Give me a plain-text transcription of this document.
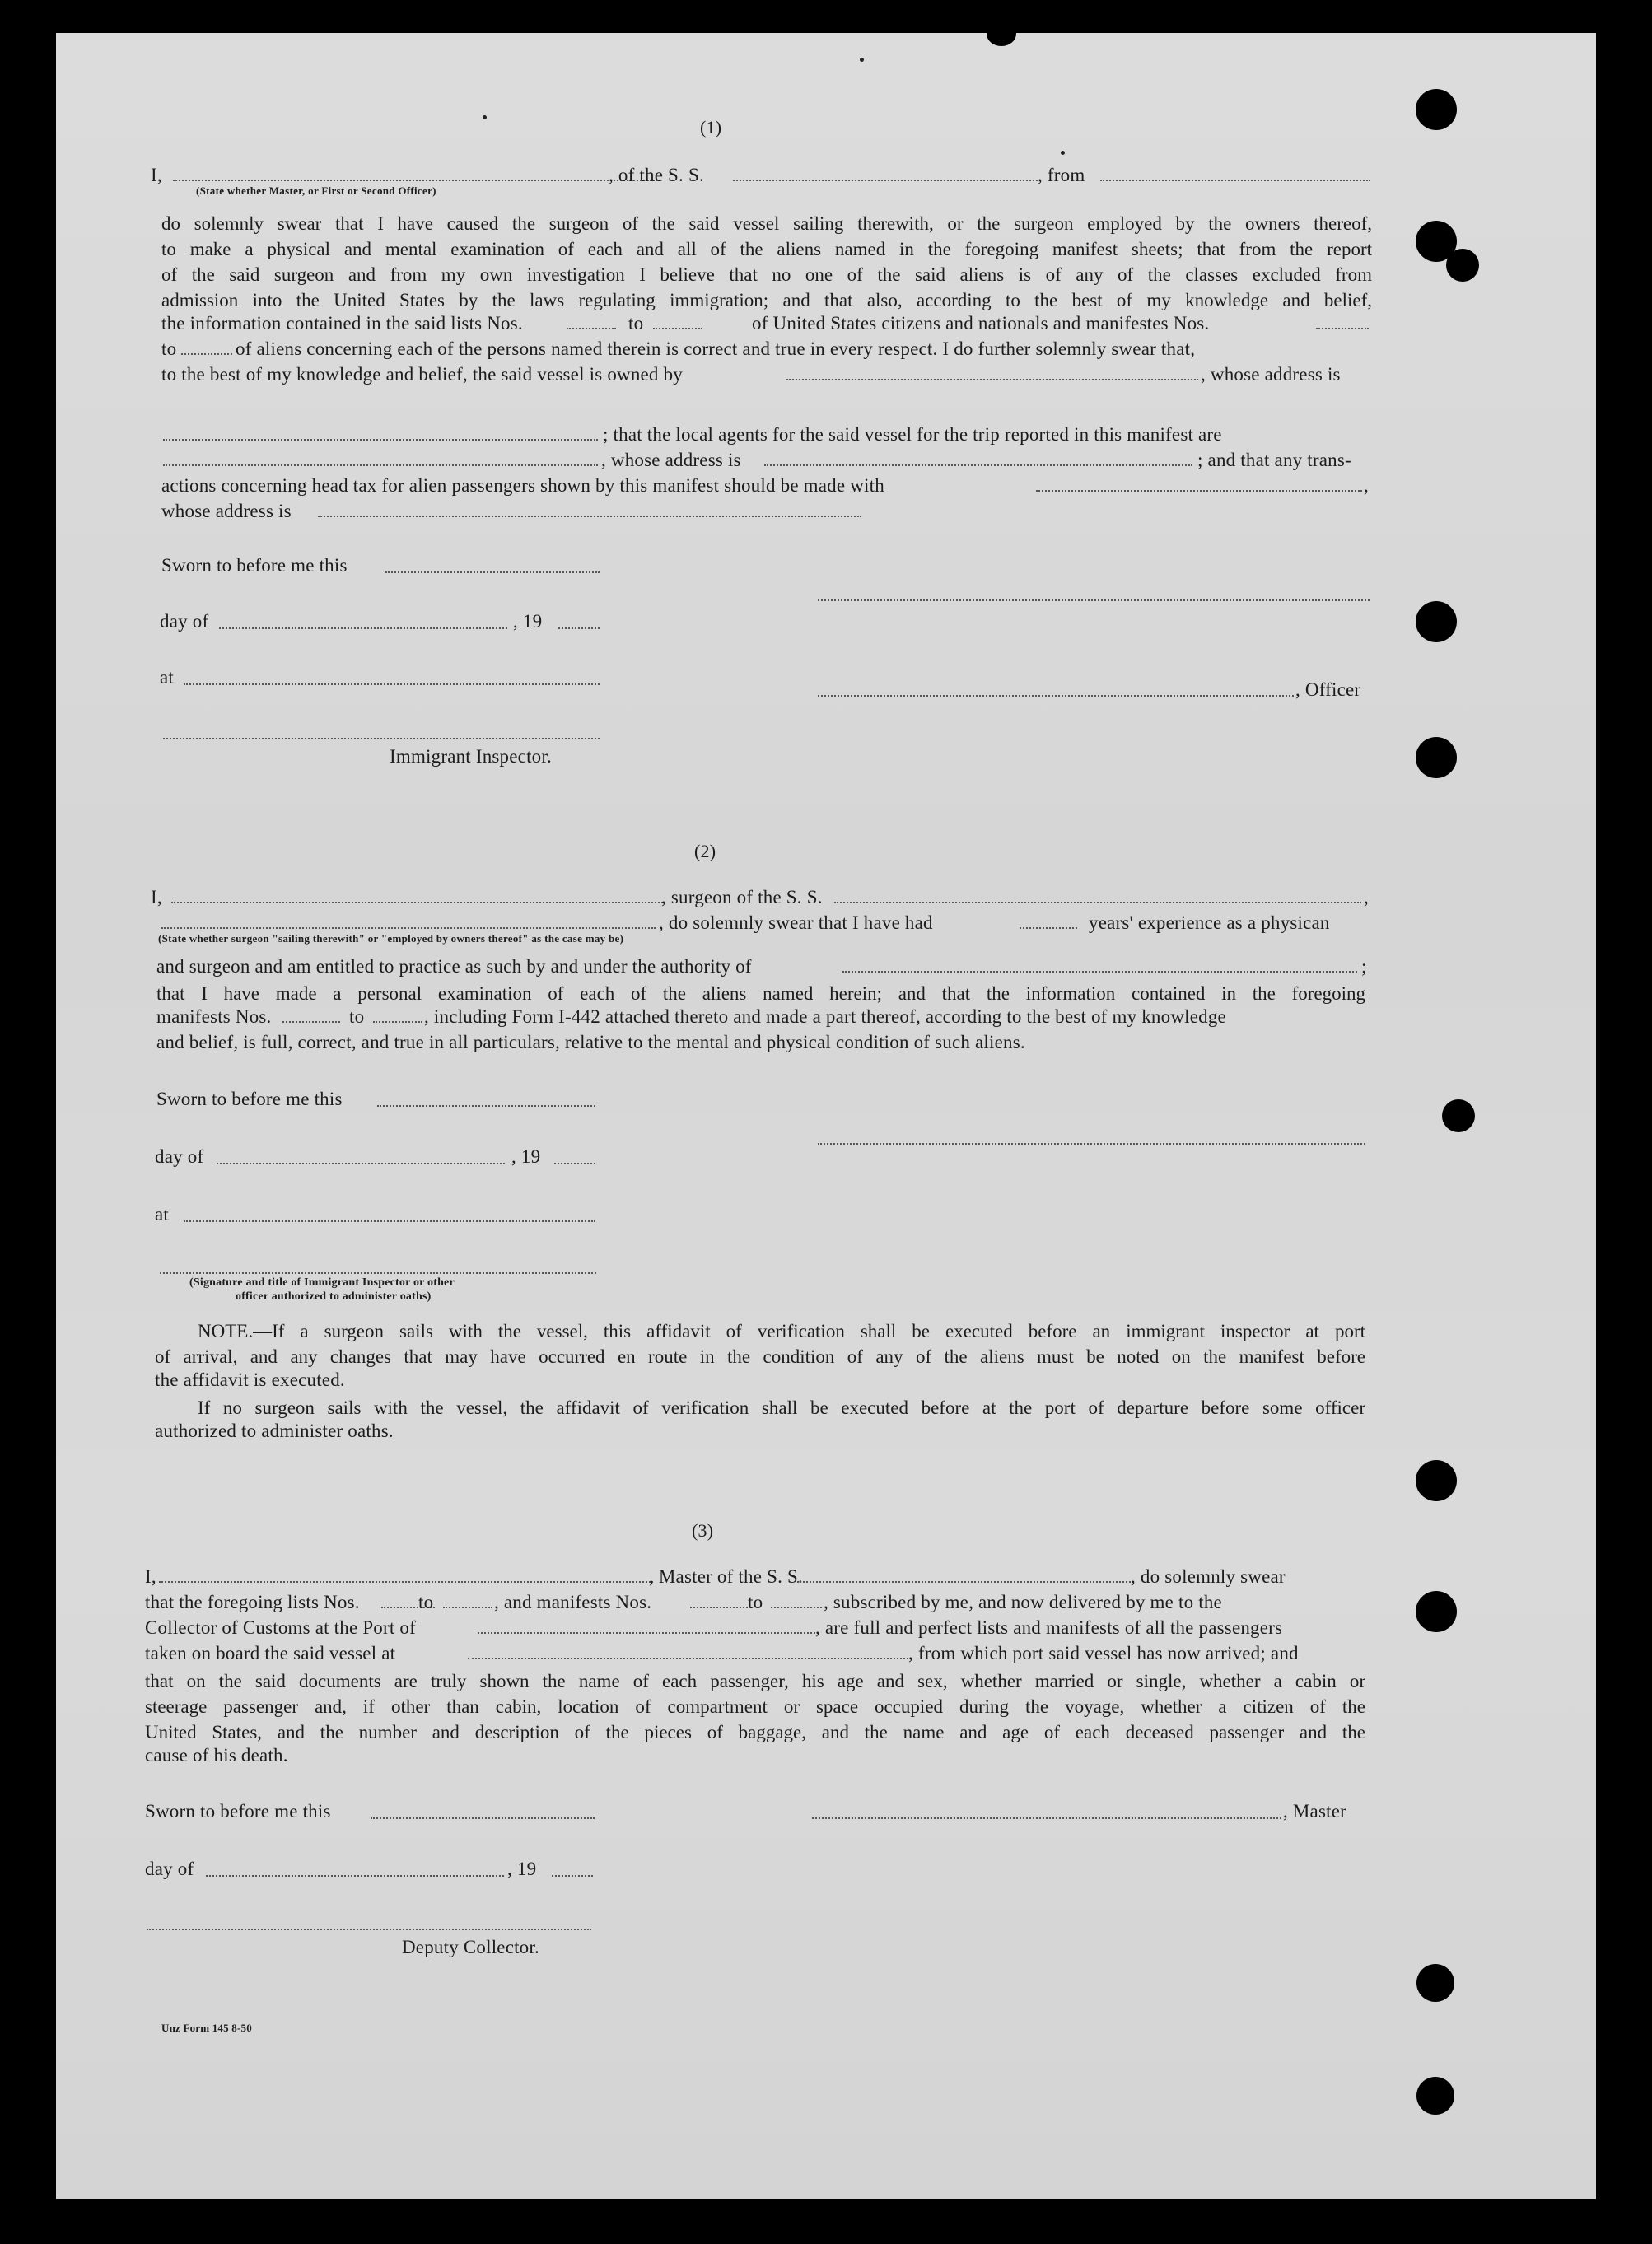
(1)
I,
(State whether Master, or First or Second Officer)
, of the S. S.	, from
do solemnly swear that I have caused the surgeon of the said vessel sailing therewith, or the surgeon employed by the owners thereof,
to make a physical and mental examination of each and all of the aliens named in the foregoing manifest sheets; that from the report
of the said surgeon and from my own investigation I believe that no one of the said aliens is of any of the classes excluded from
admission into the United States by the laws regulating immigration; and that also, according to the best of my knowledge and belief,
the information contained in the said lists Nos.	to	of United States citizens and nationals and manifestes Nos.
to	of aliens concerning each of the persons named therein is correct and true in every respect. I do further solemnly swear that,
to the best of my knowledge and belief, the said vessel is owned by	, whose address is
; that the local agents for the said vessel for the trip reported in this manifest are
, whose address is	; and that any trans-
actions concerning head tax for alien passengers shown by this manifest should be made with	,
whose address is
Sworn to before me this
day of	, 19
at
, Officer
Immigrant Inspector.
(2)
I,	, surgeon of the S. S.	,
, do solemnly swear that I have had	years' experience as a physican
(State whether surgeon "sailing therewith" or "employed by owners thereof" as the case may be)
and surgeon and am entitled to practice as such by and under the authority of	;
that I have made a personal examination of each of the aliens named herein; and that the information contained in the foregoing
manifests Nos.	to	, including Form I-442 attached thereto and made a part thereof, according to the best of my knowledge
and belief, is full, correct, and true in all particulars, relative to the mental and physical condition of such aliens.
Sworn to before me this
day of	, 19
at
(Signature and title of Immigrant Inspector or other
officer authorized to administer oaths)
NOTE.—If a surgeon sails with the vessel, this affidavit of verification shall be executed before an immigrant inspector at port
of arrival, and any changes that may have occurred en route in the condition of any of the aliens must be noted on the manifest before
the affidavit is executed.
If no surgeon sails with the vessel, the affidavit of verification shall be executed before at the port of departure before some officer
authorized to administer oaths.
(3)
I,	, Master of the S. S.	, do solemnly swear
that the foregoing lists Nos.	to	, and manifests Nos.	to	, subscribed by me, and now delivered by me to the
Collector of Customs at the Port of	, are full and perfect lists and manifests of all the passengers
taken on board the said vessel at	, from which port said vessel has now arrived; and
that on the said documents are truly shown the name of each passenger, his age and sex, whether married or single, whether a cabin or
steerage passenger and, if other than cabin, location of compartment or space occupied during the voyage, whether a citizen of the
United States, and the number and description of the pieces of baggage, and the name and age of each deceased passenger and the
cause of his death.
Sworn to before me this	, Master
day of	, 19
Deputy Collector.
Unz Form 145 8-50
